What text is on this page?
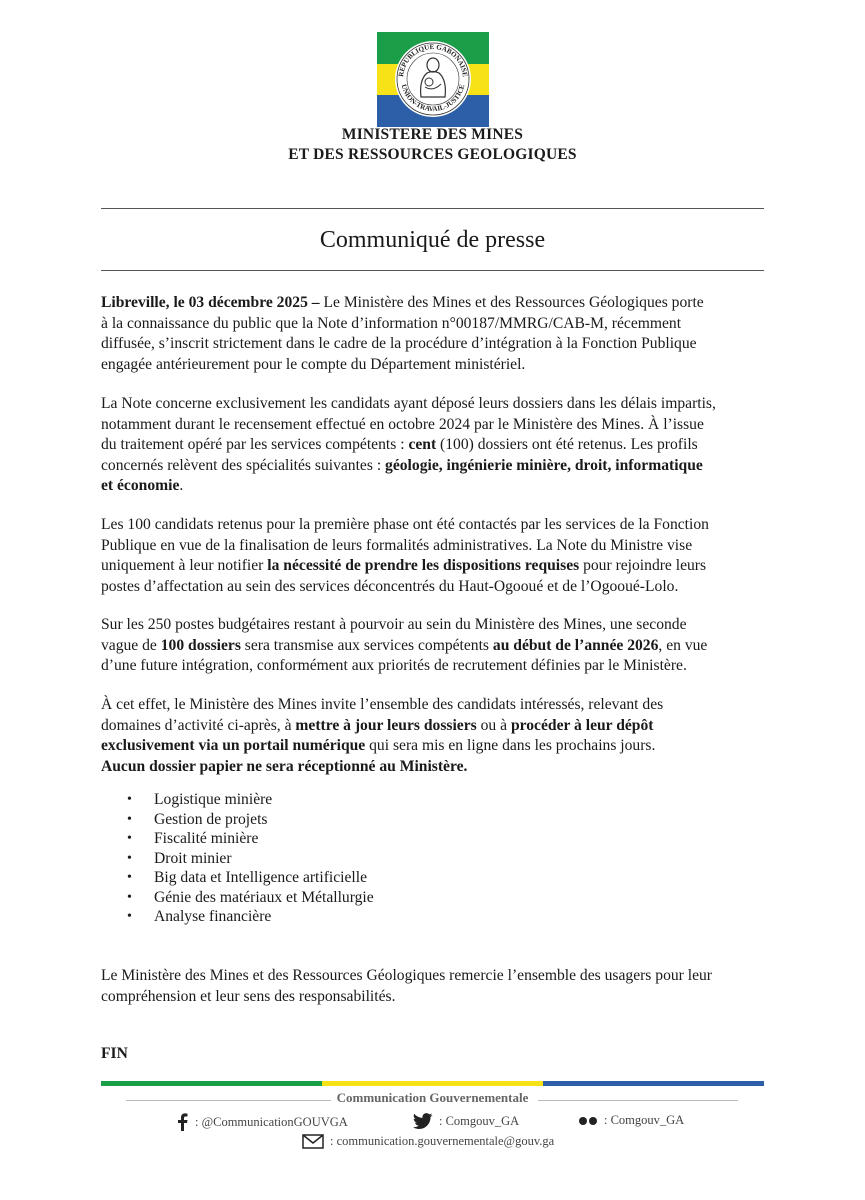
REPUBLIQUE GABONAISE
UNION-TRAVAIL-JUSTICE
MINISTERE DES MINES
ET DES RESSOURCES GEOLOGIQUES
Communiqué de presse
Libreville, le 03 décembre 2025 – Le Ministère des Mines et des Ressources Géologiques porte
à la connaissance du public que la Note d’information n°00187/MMRG/CAB-M, récemment
diffusée, s’inscrit strictement dans le cadre de la procédure d’intégration à la Fonction Publique
engagée antérieurement pour le compte du Département ministériel.
La Note concerne exclusivement les candidats ayant déposé leurs dossiers dans les délais impartis,
notamment durant le recensement effectué en octobre 2024 par le Ministère des Mines. À l’issue
du traitement opéré par les services compétents : cent (100) dossiers ont été retenus. Les profils
concernés relèvent des spécialités suivantes : géologie, ingénierie minière, droit, informatique
et économie.
Les 100 candidats retenus pour la première phase ont été contactés par les services de la Fonction
Publique en vue de la finalisation de leurs formalités administratives. La Note du Ministre vise
uniquement à leur notifier la nécessité de prendre les dispositions requises pour rejoindre leurs
postes d’affectation au sein des services déconcentrés du Haut-Ogooué et de l’Ogooué-Lolo.
Sur les 250 postes budgétaires restant à pourvoir au sein du Ministère des Mines, une seconde
vague de 100 dossiers sera transmise aux services compétents au début de l’année 2026, en vue
d’une future intégration, conformément aux priorités de recrutement définies par le Ministère.
À cet effet, le Ministère des Mines invite l’ensemble des candidats intéressés, relevant des
domaines d’activité ci-après, à mettre à jour leurs dossiers ou à procéder à leur dépôt
exclusivement via un portail numérique qui sera mis en ligne dans les prochains jours.
Aucun dossier papier ne sera réceptionné au Ministère.
• Logistique minière
• Gestion de projets
• Fiscalité minière
• Droit minier
• Big data et Intelligence artificielle
• Génie des matériaux et Métallurgie
• Analyse financière
Le Ministère des Mines et des Ressources Géologiques remercie l’ensemble des usagers pour leur
compréhension et leur sens des responsabilités.
FIN
Communication Gouvernementale
: @CommunicationGOUVGA	: Comgouv_GA	: Comgouv_GA
: communication.gouvernementale@gouv.ga
